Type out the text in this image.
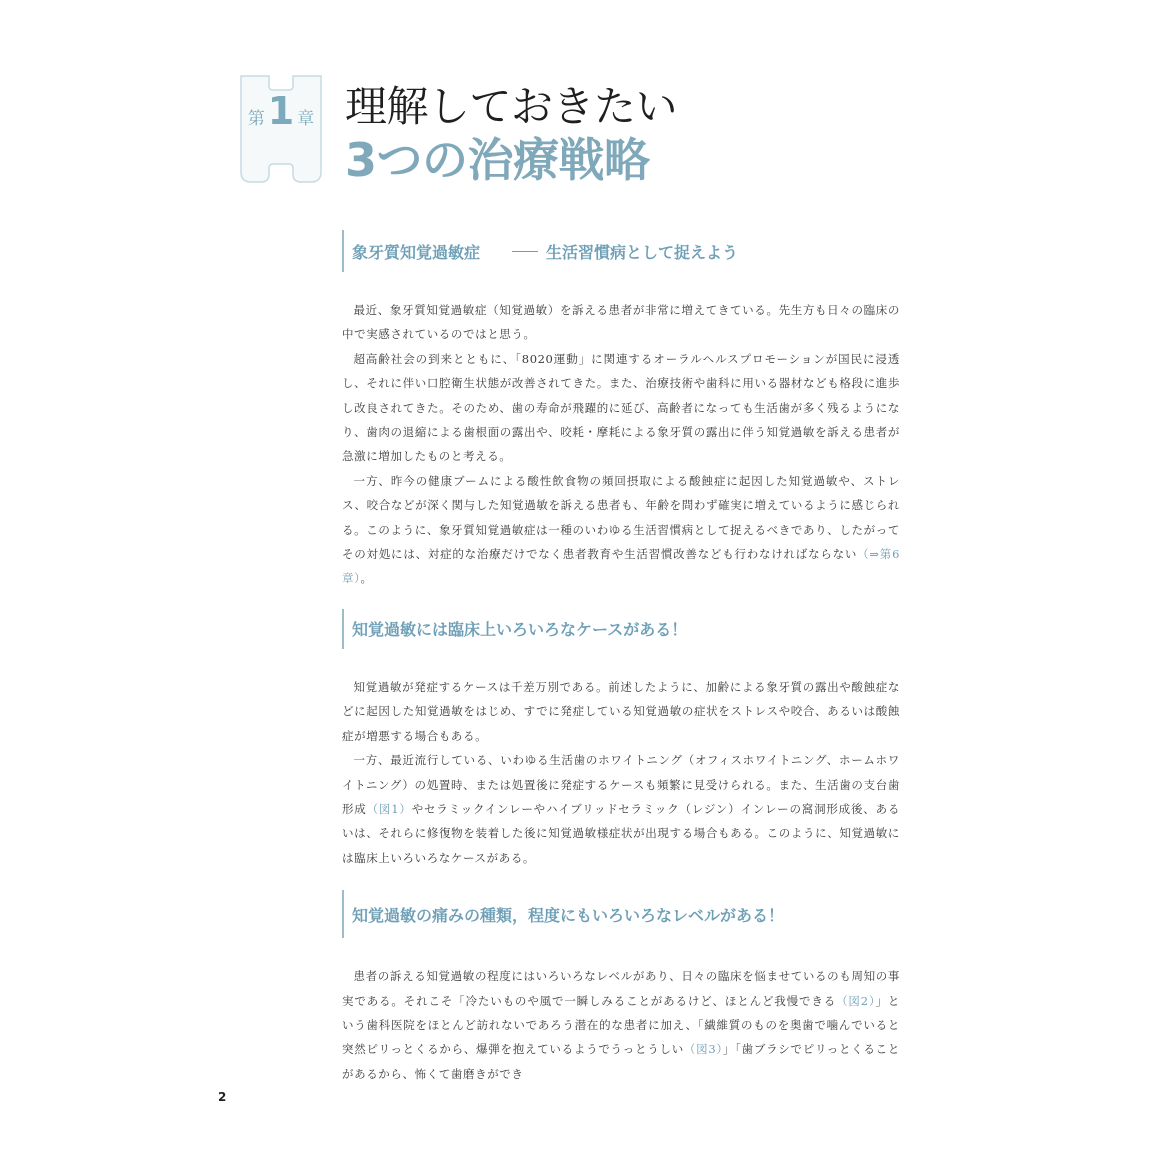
第 1 章 理解しておきたい
3つの治療戦略
象牙質知覚過敏症	生活習慣病として捉えよう

最近、象牙質知覚過敏症（知覚過敏）を訴える患者が非常に増えてきている。先生方も日々の臨床の中で実感されているのではと思う。

超高齢社会の到来とともに、「8020運動」に関連するオーラルヘルスプロモーションが国民に浸透し、それに伴い口腔衛生状態が改善されてきた。また、治療技術や歯科に用いる器材なども格段に進歩し改良されてきた。そのため、歯の寿命が飛躍的に延び、高齢者になっても生活歯が多く残るようになり、歯肉の退縮による歯根面の露出や、咬耗・摩耗による象牙質の露出に伴う知覚過敏を訴える患者が急激に増加したものと考える。

一方、昨今の健康ブームによる酸性飲食物の頻回摂取による酸蝕症に起因した知覚過敏や、ストレス、咬合などが深く関与した知覚過敏を訴える患者も、年齢を問わず確実に増えているように感じられる。このように、象牙質知覚過敏症は一種のいわゆる生活習慣病として捉えるべきであり、したがってその対処には、対症的な治療だけでなく患者教育や生活習慣改善なども行わなければならない（⇒第6章）。

知覚過敏には臨床上いろいろなケースがある！

知覚過敏が発症するケースは千差万別である。前述したように、加齢による象牙質の露出や酸蝕症などに起因した知覚過敏をはじめ、すでに発症している知覚過敏の症状をストレスや咬合、あるいは酸蝕症が増悪する場合もある。

一方、最近流行している、いわゆる生活歯のホワイトニング（オフィスホワイトニング、ホームホワイトニング）の処置時、または処置後に発症するケースも頻繁に見受けられる。また、生活歯の支台歯形成（図1）やセラミックインレーやハイブリッドセラミック（レジン）インレーの窩洞形成後、あるいは、それらに修復物を装着した後に知覚過敏様症状が出現する場合もある。このように、知覚過敏には臨床上いろいろなケースがある。

知覚過敏の痛みの種類，程度にもいろいろなレベルがある！

患者の訴える知覚過敏の程度にはいろいろなレベルがあり、日々の臨床を悩ませているのも周知の事実である。それこそ「冷たいものや風で一瞬しみることがあるけど、ほとんど我慢できる（図2）」という歯科医院をほとんど訪れないであろう潜在的な患者に加え、「繊維質のものを奥歯で噛んでいると突然ピリっとくるから、爆弾を抱えているようでうっとうしい（図3）」「歯ブラシでピリっとくることがあるから、怖くて歯磨きができ

2
